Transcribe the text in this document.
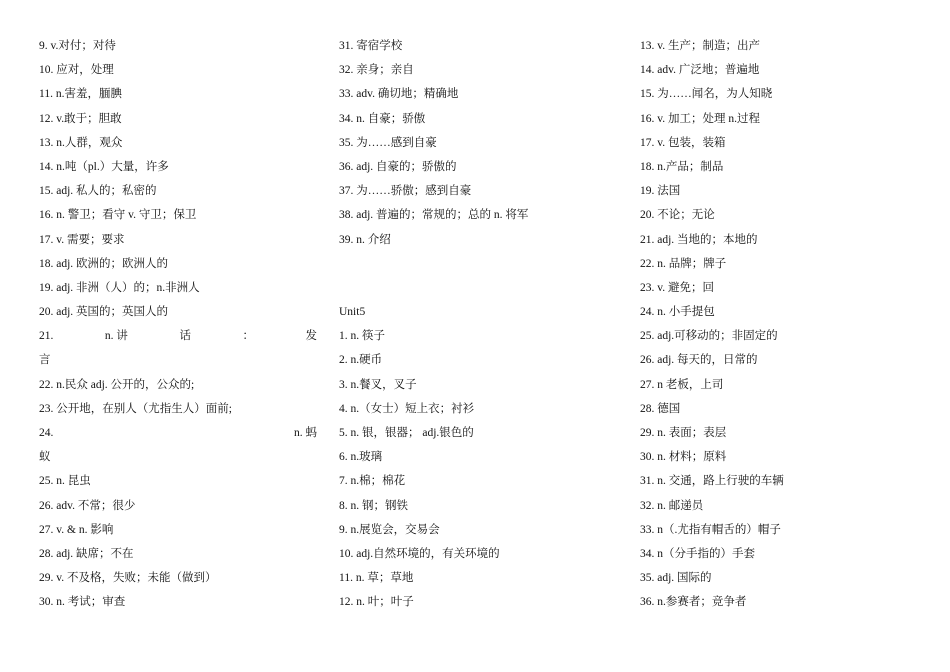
9. v.对付；对待
10. 应对，处理
11. n.害羞，腼腆
12. v.敢于；胆敢
13. n.人群，观众
14. n.吨（pl.）大量，许多
15. adj. 私人的；私密的
16. n. 警卫；看守 v. 守卫；保卫
17. v. 需要；要求
18. adj. 欧洲的；欧洲人的
19. adj. 非洲（人）的；n.非洲人
20. adj. 英国的；英国人的
21.	n. 讲	话	：	发
言
22. n.民众 adj. 公开的，公众的;
23. 公开地，在别人（尤指生人）面前;
24.	n. 蚂
蚁
25. n. 昆虫
26. adv. 不常；很少
27. v. & n. 影响
28. adj. 缺席；不在
29. v. 不及格，失败；未能（做到）
30. n. 考试；审查
31. 寄宿学校
32. 亲身；亲自
33. adv. 确切地；精确地
34. n. 自豪；骄傲
35. 为……感到自豪
36. adj. 自豪的；骄傲的
37. 为……骄傲；感到自豪
38. adj. 普遍的；常规的；总的 n. 将军
39. n. 介绍
Unit5
1. n. 筷子
2. n.硬币
3. n.餐叉，叉子
4. n.（女士）短上衣；衬衫
5. n. 银，银器； adj.银色的
6. n.玻璃
7. n.棉；棉花
8. n. 钢；钢铁
9. n.展览会，交易会
10. adj.自然环境的，有关环境的
11. n. 草；草地
12. n. 叶；叶子
13. v. 生产；制造；出产
14. adv. 广泛地；普遍地
15. 为……闻名，为人知晓
16. v. 加工；处理 n.过程
17. v. 包装，装箱
18. n.产品；制品
19. 法国
20. 不论；无论
21. adj. 当地的；本地的
22. n. 品牌；牌子
23. v. 避免；回
24. n. 小手提包
25. adj.可移动的；非固定的
26. adj. 每天的，日常的
27. n 老板，上司
28. 德国
29. n. 表面；表层
30. n. 材料；原料
31. n. 交通，路上行驶的车辆
32. n. 邮递员
33. n（.尤指有帽舌的）帽子
34. n（分手指的）手套
35. adj. 国际的
36. n.参赛者；竞争者
